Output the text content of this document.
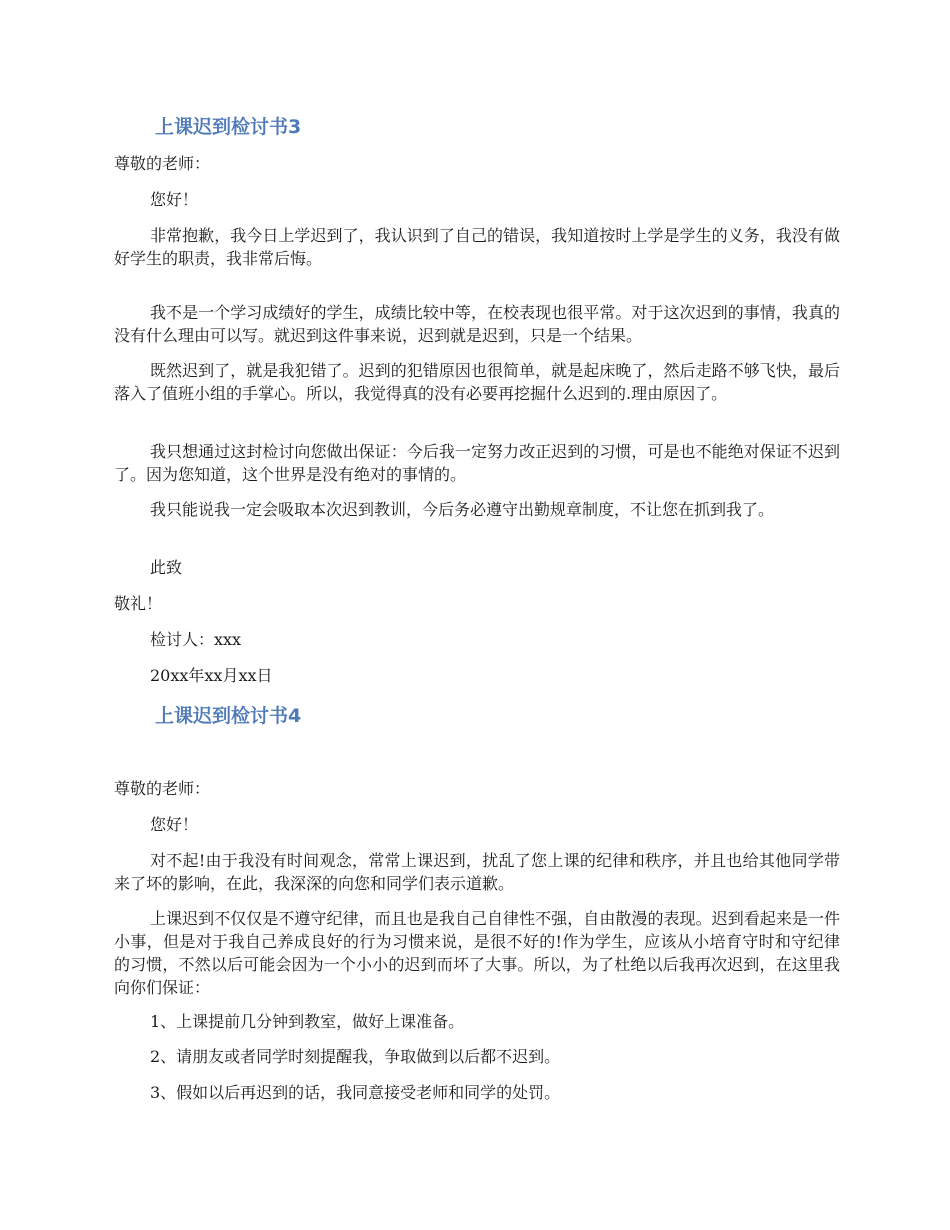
上课迟到检讨书3
尊敬的老师：
您好！

非常抱歉，我今日上学迟到了，我认识到了自己的错误，我知道按时上学是学生的义务，我没有做好学生的职责，我非常后悔。

我不是一个学习成绩好的学生，成绩比较中等，在校表现也很平常。对于这次迟到的事情，我真的没有什么理由可以写。就迟到这件事来说，迟到就是迟到，只是一个结果。

既然迟到了，就是我犯错了。迟到的犯错原因也很简单，就是起床晚了，然后走路不够飞快，最后落入了值班小组的手掌心。所以，我觉得真的没有必要再挖掘什么迟到的.理由原因了。

我只想通过这封检讨向您做出保证：今后我一定努力改正迟到的习惯，可是也不能绝对保证不迟到了。因为您知道，这个世界是没有绝对的事情的。

我只能说我一定会吸取本次迟到教训，今后务必遵守出勤规章制度，不让您在抓到我了。

此致
敬礼！
检讨人：xxx
20xx年xx月xx日
上课迟到检讨书4
尊敬的老师：
您好！

对不起!由于我没有时间观念，常常上课迟到，扰乱了您上课的纪律和秩序，并且也给其他同学带来了坏的影响，在此，我深深的向您和同学们表示道歉。

上课迟到不仅仅是不遵守纪律，而且也是我自己自律性不强，自由散漫的表现。迟到看起来是一件小事，但是对于我自己养成良好的行为习惯来说，是很不好的!作为学生，应该从小培育守时和守纪律的习惯，不然以后可能会因为一个小小的迟到而坏了大事。所以，为了杜绝以后我再次迟到，在这里我向你们保证：

1、上课提前几分钟到教室，做好上课准备。
2、请朋友或者同学时刻提醒我，争取做到以后都不迟到。
3、假如以后再迟到的话，我同意接受老师和同学的处罚。
